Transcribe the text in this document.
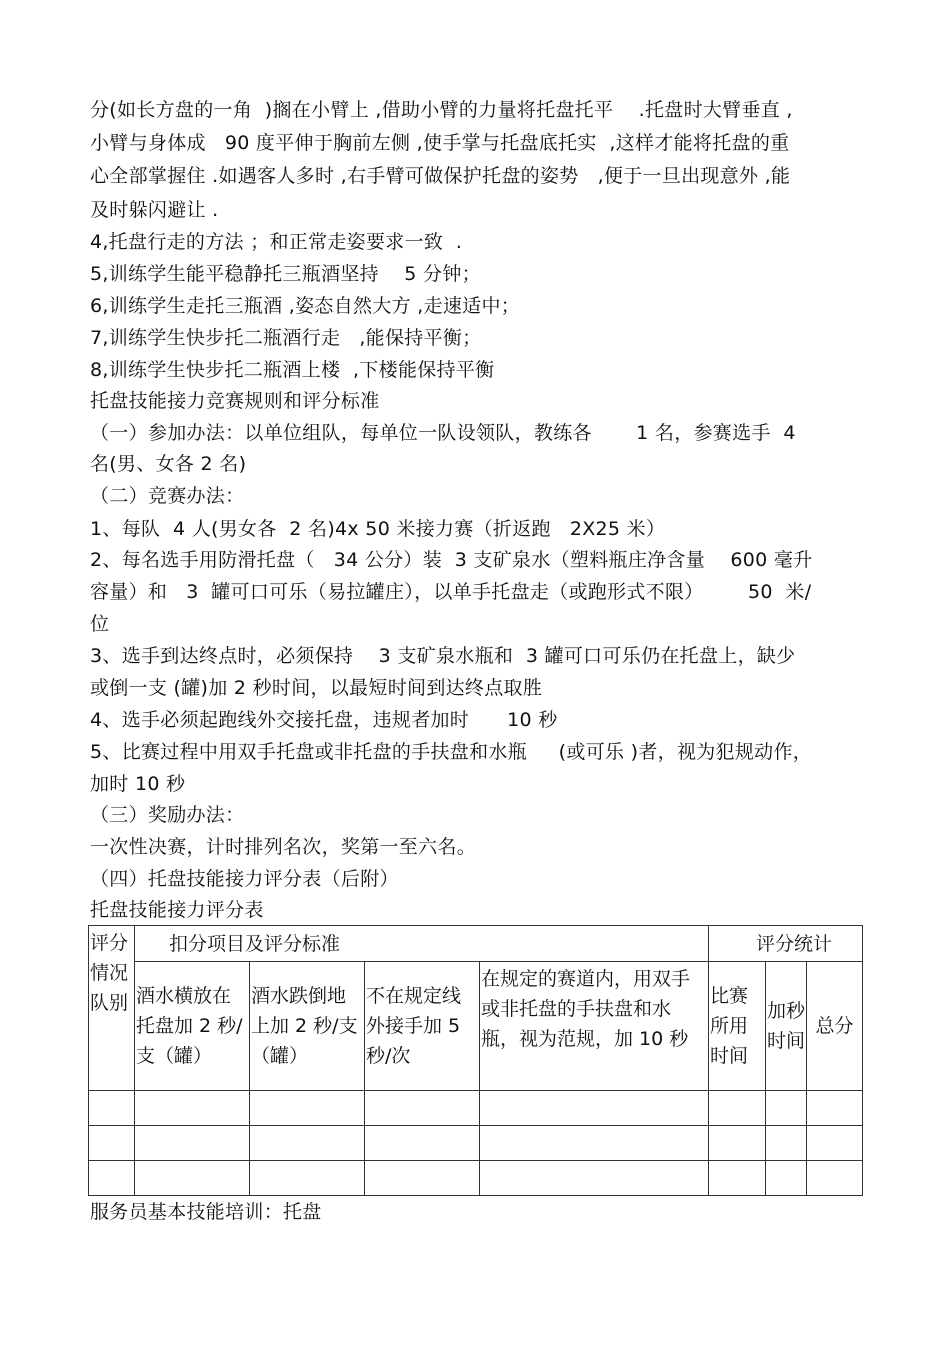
分(如长方盘的一角  )搁在小臂上 ,借助小臂的力量将托盘托平    .托盘时大臂垂直 ,
小臂与身体成   90 度平伸于胸前左侧 ,使手掌与托盘底托实  ,这样才能将托盘的重
心全部掌握住 .如遇客人多时 ,右手臂可做保护托盘的姿势   ,便于一旦出现意外 ,能
及时躲闪避让 .
4,托盘行走的方法 ；和正常走姿要求一致  .
5,训练学生能平稳静托三瓶酒坚持    5 分钟；
6,训练学生走托三瓶酒 ,姿态自然大方 ,走速适中；
7,训练学生快步托二瓶酒行走   ,能保持平衡；
8,训练学生快步托二瓶酒上楼  ,下楼能保持平衡
托盘技能接力竞赛规则和评分标准
（一）参加办法：以单位组队，每单位一队设领队，教练各       1 名，参赛选手  4
名(男、女各 2 名)
（二）竞赛办法：
1、每队  4 人(男女各  2 名)4x 50 米接力赛（折返跑   2X25 米）
2、每名选手用防滑托盘（   34 公分）装  3 支矿泉水（塑料瓶庄净含量    600 毫升
容量）和   3  罐可口可乐（易拉罐庄），以单手托盘走（或跑形式不限）       50  米/
位
3、选手到达终点时，必须保持    3 支矿泉水瓶和  3 罐可口可乐仍在托盘上，缺少
或倒一支 (罐)加 2 秒时间，以最短时间到达终点取胜
4、选手必须起跑线外交接托盘，违规者加时      10 秒
5、比赛过程中用双手托盘或非托盘的手扶盘和水瓶     (或可乐 )者，视为犯规动作，
加时 10 秒
（三）奖励办法：
一次性决赛，计时排列名次，奖第一至六名。
（四）托盘技能接力评分表（后附）
托盘技能接力评分表
评分情况队别	扣分项目及评分标准				评分统计		
	酒水横放在托盘加 2 秒/支（罐）	酒水跌倒地上加 2 秒/支（罐）	不在规定线外接手加 5 秒/次	在规定的赛道内，用双手或非托盘的手扶盘和水瓶，视为范规，加 10 秒	比赛所用时间	加秒时间	总分

服务员基本技能培训：托盘
